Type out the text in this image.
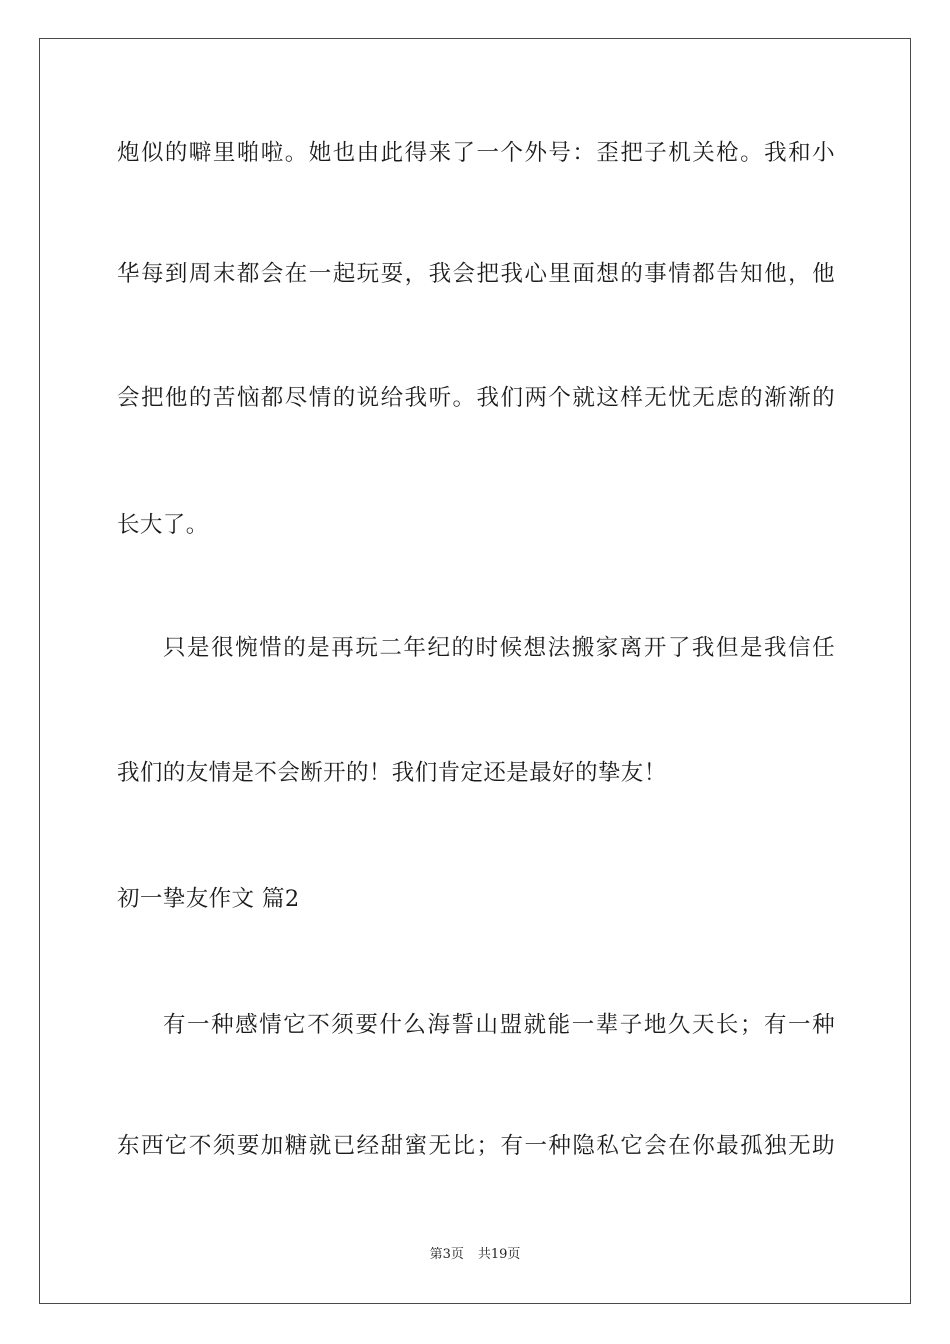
炮似的噼里啪啦。她也由此得来了一个外号：歪把子机关枪。我和小
华每到周末都会在一起玩耍，我会把我心里面想的事情都告知他，他
会把他的苦恼都尽情的说给我听。我们两个就这样无忧无虑的渐渐的
长大了。
只是很惋惜的是再玩二年纪的时候想法搬家离开了我但是我信任
我们的友情是不会断开的！我们肯定还是最好的挚友！
初一挚友作文 篇2
有一种感情它不须要什么海誓山盟就能一辈子地久天长；有一种
东西它不须要加糖就已经甜蜜无比；有一种隐私它会在你最孤独无助
第3页 共19页
